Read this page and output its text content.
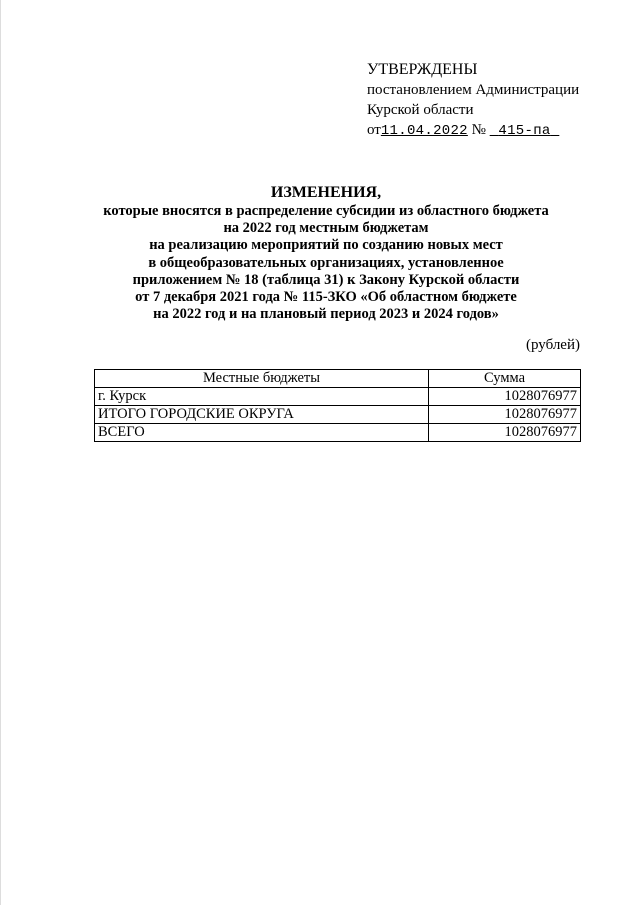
УТВЕРЖДЕНЫ
постановлением Администрации
Курской области
от11.04.2022 № 415-па
ИЗМЕНЕНИЯ,
которые вносятся в распределение субсидии из областного бюджета
на 2022 год местным бюджетам
на реализацию мероприятий по созданию новых мест
в общеобразовательных организациях, установленное
приложением № 18 (таблица 31) к Закону Курской области
от 7 декабря 2021 года № 115-ЗКО «Об областном бюджете
на 2022 год и на плановый период 2023 и 2024 годов»
(рублей)
Местные бюджеты	Сумма
г. Курск	1028076977
ИТОГО ГОРОДСКИЕ ОКРУГА	1028076977
ВСЕГО	1028076977
